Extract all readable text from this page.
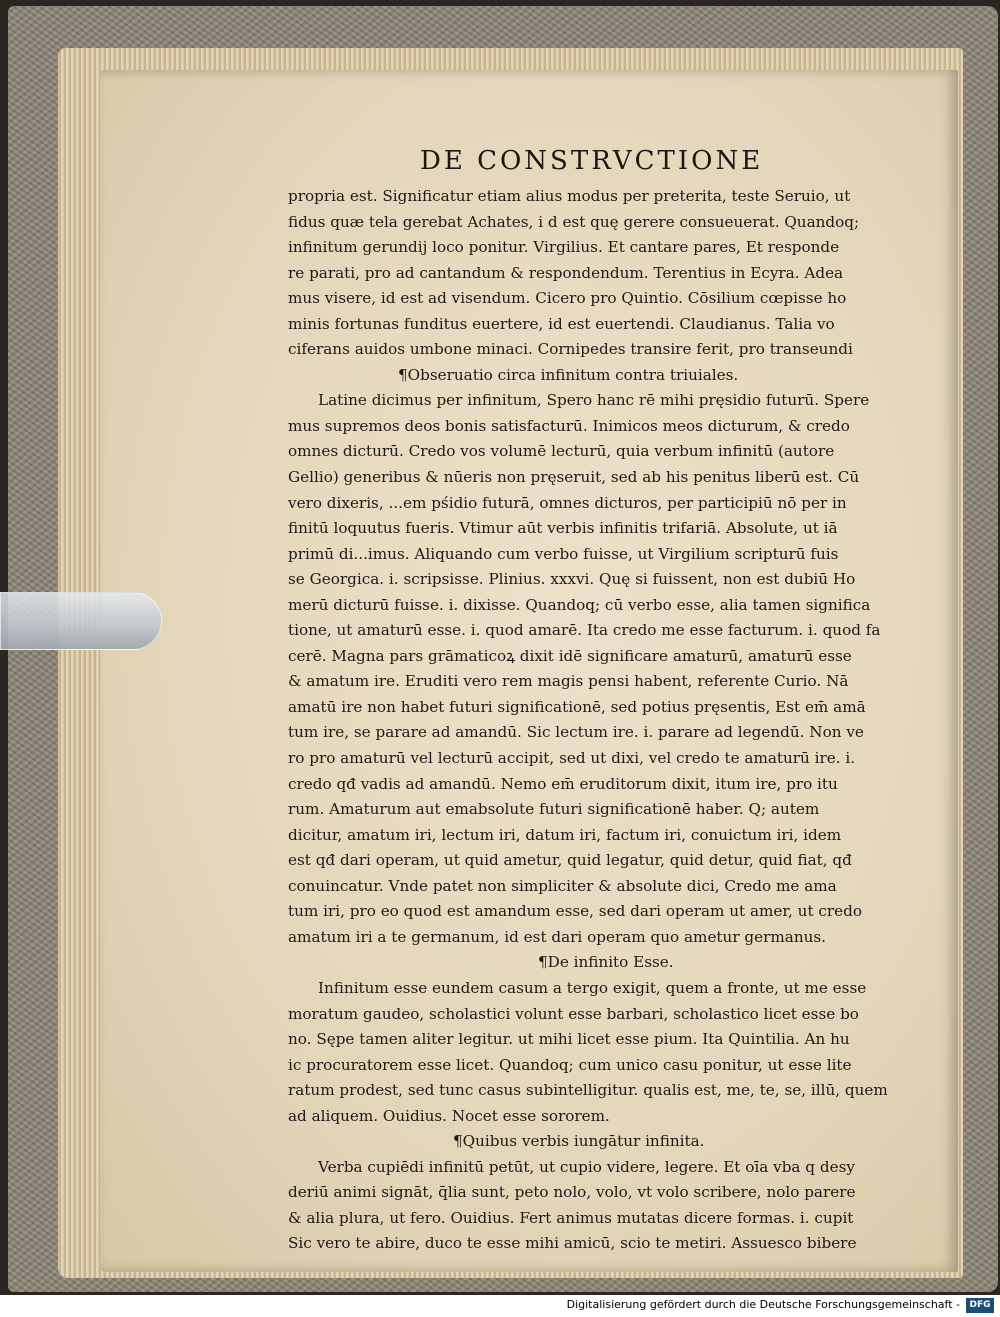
DE CONSTRVCTIONE
propria est. Significatur etiam alius modus per preterita, teste Seruio, ut
fidus quæ tela gerebat Achates, i d est quę gerere consueuerat. Quandoq;
infinitum gerundij loco ponitur. Virgilius. Et cantare pares, Et responde
re parati, pro ad cantandum & respondendum. Terentius in Ecyra. Adea
mus visere, id est ad visendum. Cicero pro Quintio. Cōsilium cœpisse ho
minis fortunas funditus euertere, id est euertendi. Claudianus. Talia vo
ciferans auidos umbone minaci. Cornipedes transire ferit, pro transeundi
¶Obseruatio circa infinitum contra triuiales.
Latine dicimus per infinitum, Spero hanc rē mihi pręsidio futurū. Spere
mus supremos deos bonis satisfacturū. Inimicos meos dicturum, & credo
omnes dicturū. Credo vos volumē lecturū, quia verbum infinitū (autore
Gellio) generibus & nūeris non pręseruit, sed ab his penitus liberū est. Cū
vero dixeris, ...em pśidio futurā, omnes dicturos, per participiū nō per in
finitū loquutus fueris. Vtimur aūt verbis infinitis trifariā. Absolute, ut iā
primū di...imus. Aliquando cum verbo fuisse, ut Virgilium scripturū fuis
se Georgica. i. scripsisse. Plinius. xxxvi. Quę si fuissent, non est dubiū Ho
merū dicturū fuisse. i. dixisse. Quandoq; cū verbo esse, alia tamen significa
tione, ut amaturū esse. i. quod amarē. Ita credo me esse facturum. i. quod fa
cerē. Magna pars grāmaticoꝝ dixit idē significare amaturū, amaturū esse
& amatum ire. Eruditi vero rem magis pensi habent, referente Curio. Nā
amatū ire non habet futuri significationē, sed potius pręsentis, Est em̄ amā
tum ire, se parare ad amandū. Sic lectum ire. i. parare ad legendū. Non ve
ro pro amaturū vel lecturū accipit, sed ut dixi, vel credo te amaturū ire. i.
credo qđ vadis ad amandū. Nemo em̄ eruditorum dixit, itum ire, pro itu
rum. Amaturum aut emabsolute futuri significationē haber. Q; autem
dicitur, amatum iri, lectum iri, datum iri, factum iri, conuictum iri, idem
est qđ dari operam, ut quid ametur, quid legatur, quid detur, quid fiat, qđ
conuincatur. Vnde patet non simpliciter & absolute dici, Credo me ama
tum iri, pro eo quod est amandum esse, sed dari operam ut amer, ut credo
amatum iri a te germanum, id est dari operam quo ametur germanus.
¶De infinito Esse.
Infinitum esse eundem casum a tergo exigit, quem a fronte, ut me esse
moratum gaudeo, scholastici volunt esse barbari, scholastico licet esse bo
no. Sępe tamen aliter legitur. ut mihi licet esse pium. Ita Quintilia. An hu
ic procuratorem esse licet. Quandoq; cum unico casu ponitur, ut esse lite
ratum prodest, sed tunc casus subintelligitur. qualis est, me, te, se, illū, quem
ad aliquem. Ouidius. Nocet esse sororem.
¶Quibus verbis iungātur infinita.
Verba cupiēdi infinitū petūt, ut cupio videre, legere. Et oīa vba q desy
deriū animi signāt, q̄lia sunt, peto nolo, volo, vt volo scribere, nolo parere
& alia plura, ut fero. Ouidius. Fert animus mutatas dicere formas. i. cupit
Sic vero te abire, duco te esse mihi amicū, scio te metiri. Assuesco bibere
Digitalisierung gefördert durch die Deutsche Forschungsgemeinschaft -	DFG
